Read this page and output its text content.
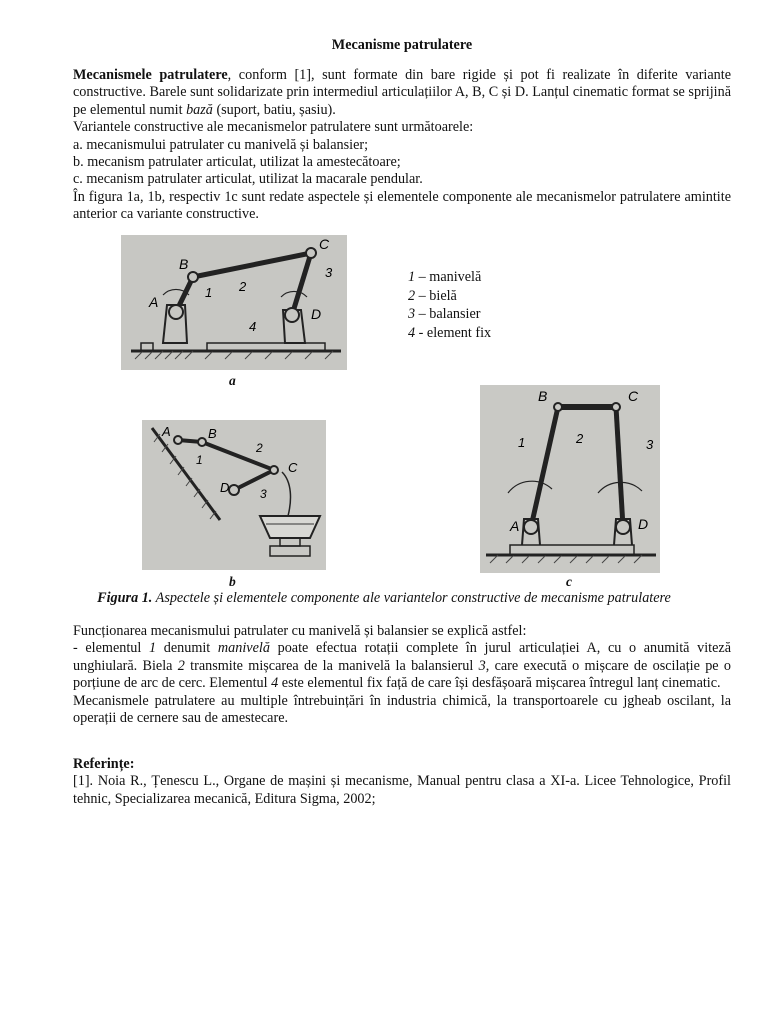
Mecanisme patrulatere

Mecanismele patrulatere, conform [1], sunt formate din bare rigide și pot fi realizate în diferite variante constructive. Barele sunt solidarizate prin intermediul articulațiilor A, B, C și D. Lanțul cinematic format se sprijină pe elementul numit bază (suport, batiu, șasiu).

Variantele constructive ale mecanismelor patrulatere sunt următoarele:
a. mecanismului patrulater cu manivelă și balansier;
b. mecanism patrulater articulat, utilizat la amestecătoare;
c. mecanism patrulater articulat, utilizat la macarale pendular.

În figura 1a, 1b, respectiv 1c sunt redate aspectele și elementele componente ale mecanismelor patrulatere amintite anterior ca variante constructive.

A
B
C
D
1 2
3
4
1 – manivelă
2 – bielă
3 – balansier
4 - element fix
a
A	B
C
D
1
2
3
B	C
A	D
1	2	3
b	c
Figura 1. Aspectele și elementele componente ale variantelor constructive de mecanisme patrulatere
Funcționarea mecanismului patrulater cu manivelă și balansier se explică astfel:

- elementul 1 denumit manivelă poate efectua rotații complete în jurul articulației A, cu o anumită viteză unghiulară. Biela 2 transmite mișcarea de la manivelă la balansierul 3, care execută o mișcare de oscilație pe o porțiune de arc de cerc. Elementul 4 este elementul fix față de care își desfășoară mișcarea întregul lanț cinematic.

Mecanismele patrulatere au multiple întrebuințări în industria chimică, la transportoarele cu jgheab oscilant, la operații de cernere sau de amestecare.

Referințe:

[1]. Noia R., Țenescu L., Organe de mașini și mecanisme, Manual pentru clasa a XI-a. Licee Tehnologice, Profil tehnic, Specializarea mecanică, Editura Sigma, 2002;
